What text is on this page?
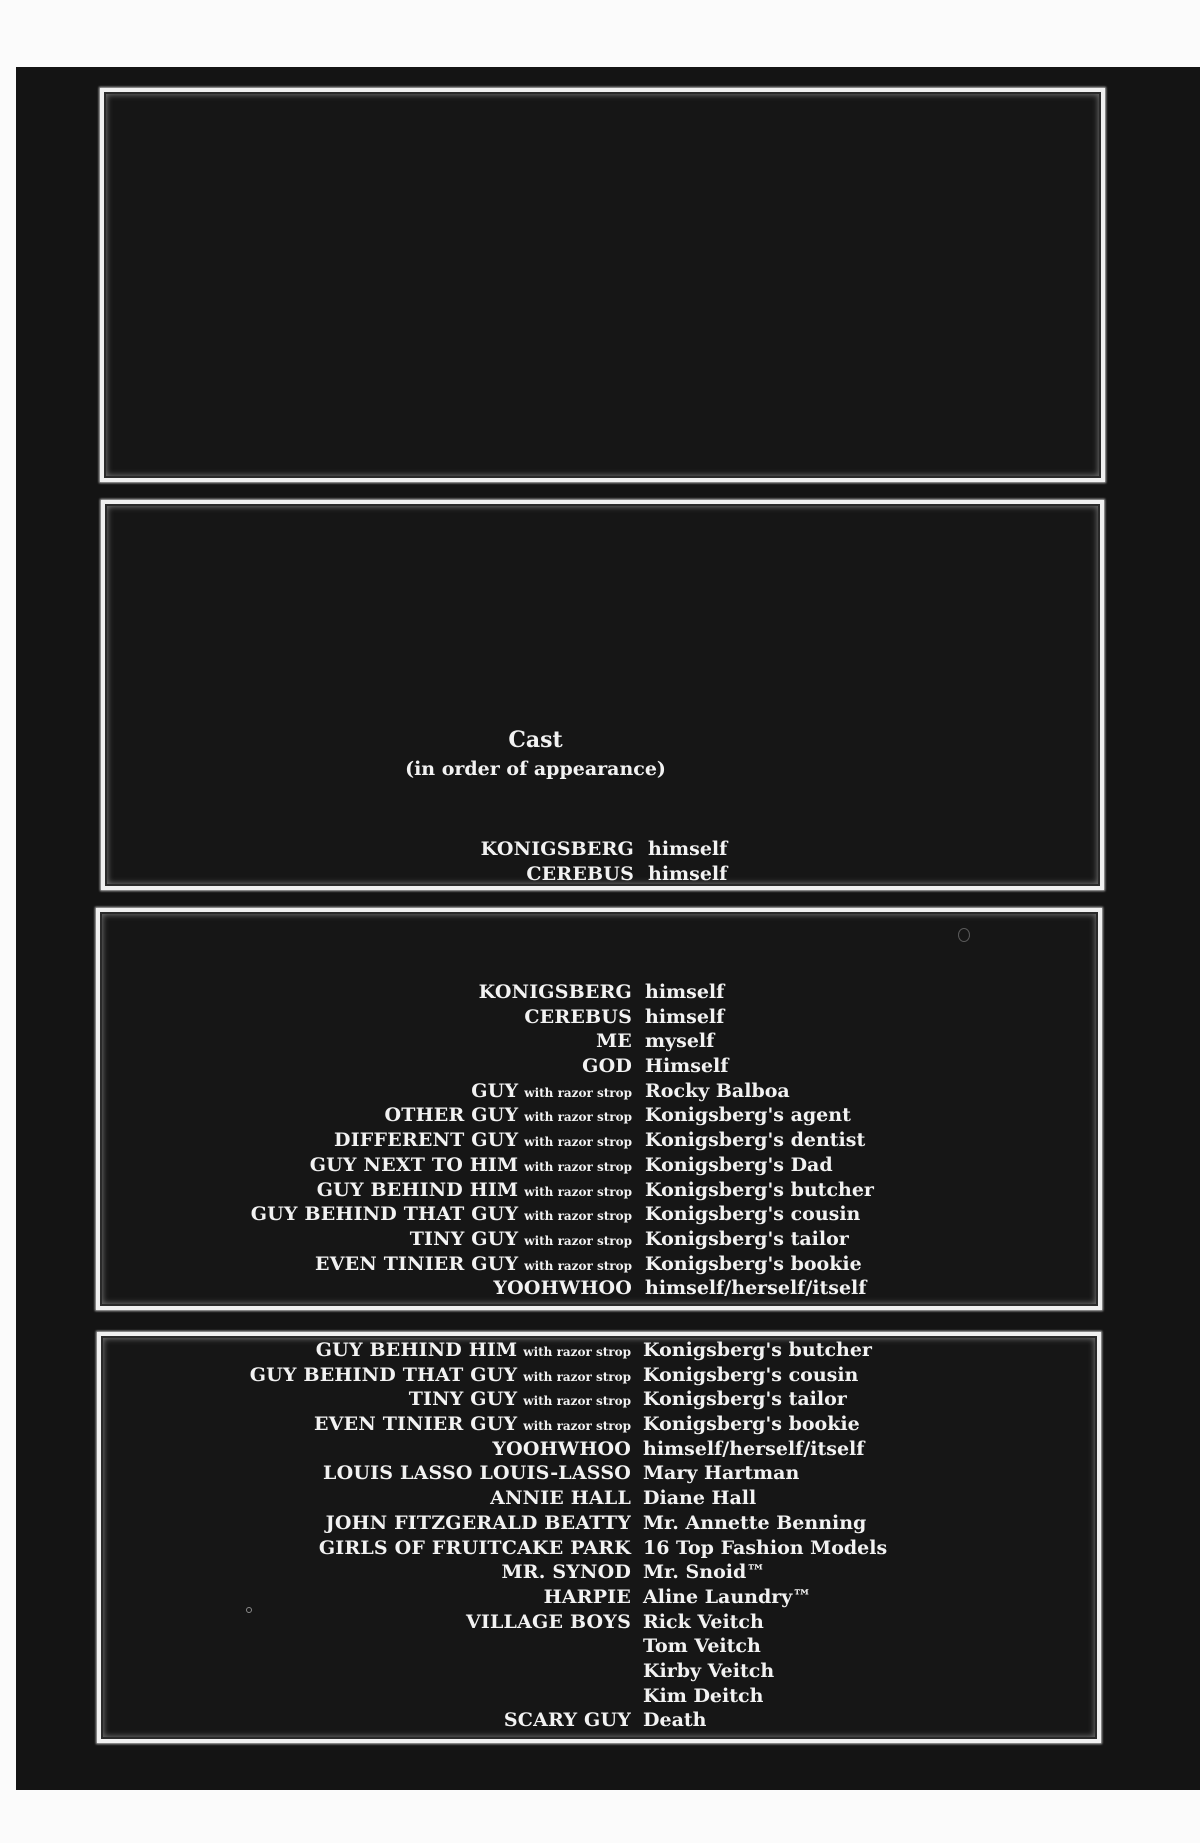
Cast
(in order of appearance)
KONIGSBERG himself
CEREBUS himself
KONIGSBERG himself
CEREBUS himself
ME myself
GOD Himself
GUY with razor strop Rocky Balboa
OTHER GUY with razor strop Konigsberg's agent
DIFFERENT GUY with razor strop Konigsberg's dentist
GUY NEXT TO HIM with razor strop Konigsberg's Dad
GUY BEHIND HIM with razor strop Konigsberg's butcher
GUY BEHIND THAT GUY with razor strop Konigsberg's cousin
TINY GUY with razor strop Konigsberg's tailor
EVEN TINIER GUY with razor strop Konigsberg's bookie
YOOHWHOO himself/herself/itself
GUY BEHIND HIM with razor strop Konigsberg's butcher
GUY BEHIND THAT GUY with razor strop Konigsberg's cousin
TINY GUY with razor strop Konigsberg's tailor
EVEN TINIER GUY with razor strop Konigsberg's bookie
YOOHWHOO himself/herself/itself
LOUIS LASSO LOUIS-LASSO Mary Hartman
ANNIE HALL Diane Hall
JOHN FITZGERALD BEATTY Mr. Annette Benning
GIRLS OF FRUITCAKE PARK 16 Top Fashion Models
MR. SYNOD Mr. Snoid™
HARPIE Aline Laundry™
VILLAGE BOYS Rick Veitch
Tom Veitch
Kirby Veitch
Kim Deitch
SCARY GUY Death
